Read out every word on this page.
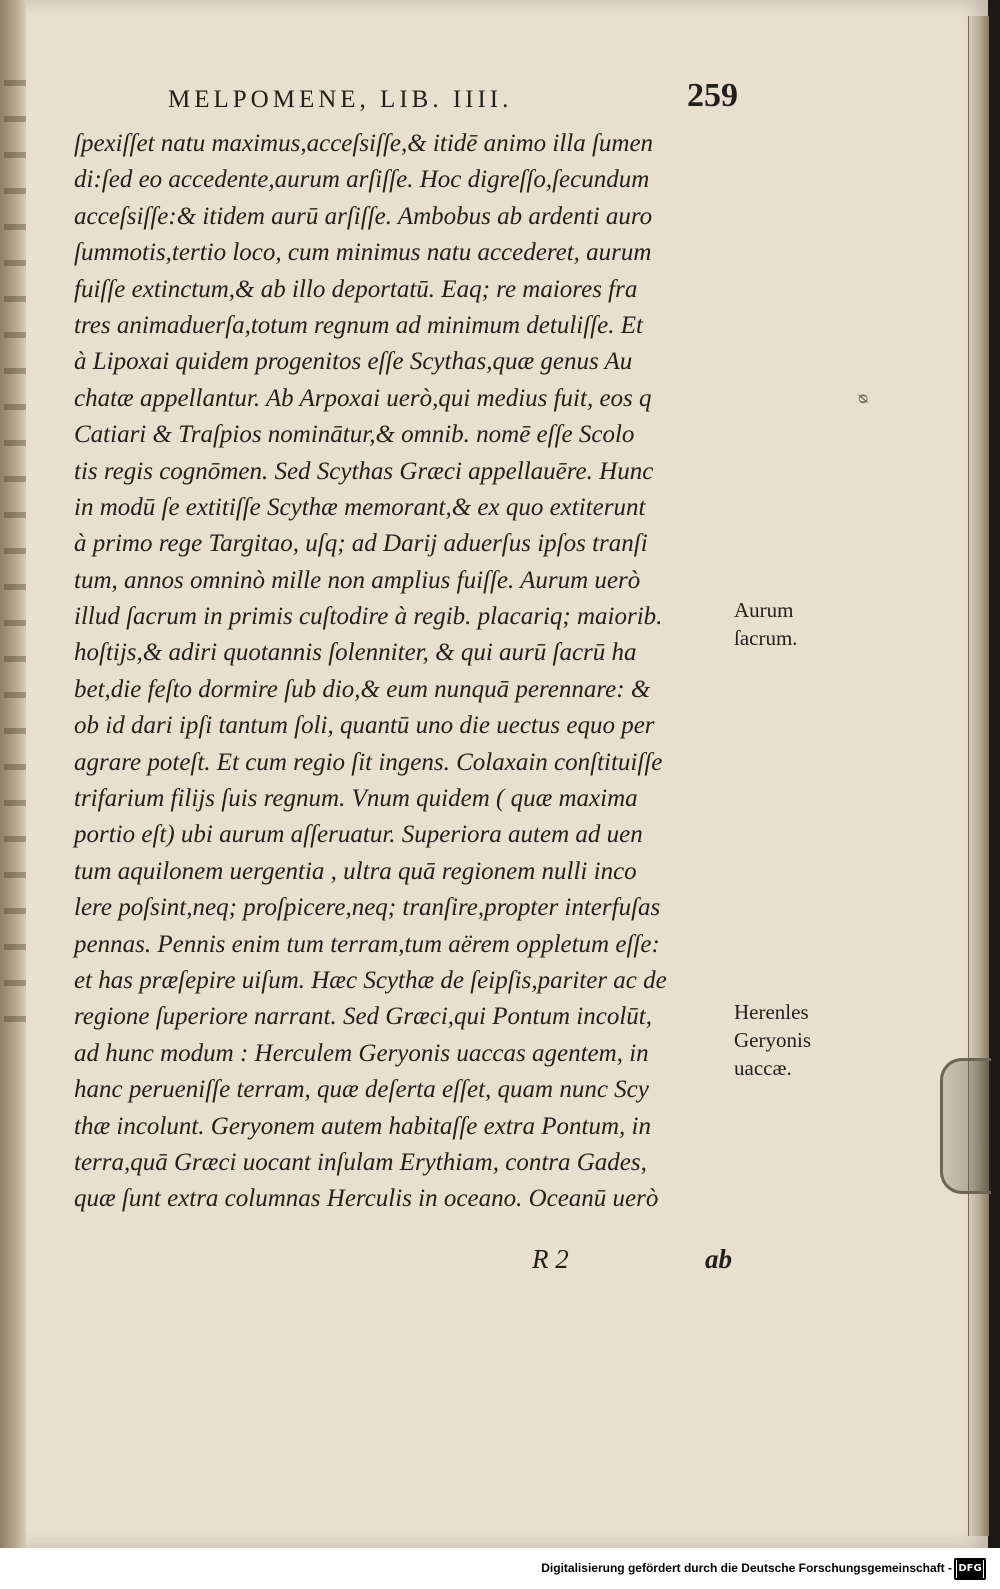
ᴓ
MELPOMENE, LIB. IIII.	259
ſpexiſſet natu maximus,acceſsiſſe,& itidē animo illa ſumen
di:ſed eo accedente,aurum arſiſſe. Hoc digreſſo,ſecundum
acceſsiſſe:& itidem aurū arſiſſe. Ambobus ab ardenti auro
ſummotis,tertio loco, cum minimus natu accederet, aurum
fuiſſe extinctum,& ab illo deportatū. Eaq; re maiores fra
tres animaduerſa,totum regnum ad minimum detuliſſe. Et
à Lipoxai quidem progenitos eſſe Scythas,quæ genus Au
chatæ appellantur. Ab Arpoxai uerò,qui medius fuit, eos q
Catiari & Traſpios nominātur,& omnib. nomē eſſe Scolo
tis regis cognōmen. Sed Scythas Græci appellauēre. Hunc
in modū ſe extitiſſe Scythæ memorant,& ex quo extiterunt
à primo rege Targitao, uſq; ad Darij aduerſus ipſos tranſi
tum, annos omninò mille non amplius fuiſſe. Aurum uerò
illud ſacrum in primis cuſtodire à regib. placariq; maiorib.
hoſtijs,& adiri quotannis ſolenniter, & qui aurū ſacrū ha
bet,die feſto dormire ſub dio,& eum nunquā perennare: &
ob id dari ipſi tantum ſoli, quantū uno die uectus equo per
agrare poteſt. Et cum regio ſit ingens. Colaxain conſtituiſſe
trifarium filijs ſuis regnum. Vnum quidem ( quæ maxima
portio eſt) ubi aurum aſſeruatur. Superiora autem ad uen
tum aquilonem uergentia , ultra quā regionem nulli inco
lere poſsint,neq; proſpicere,neq; tranſire,propter interfuſas
pennas. Pennis enim tum terram,tum aërem oppletum eſſe:
et has præſepire uiſum. Hæc Scythæ de ſeipſis,pariter ac de
regione ſuperiore narrant. Sed Græci,qui Pontum incolūt,
ad hunc modum : Herculem Geryonis uaccas agentem, in
hanc perueniſſe terram, quæ deſerta eſſet, quam nunc Scy
thæ incolunt. Geryonem autem habitaſſe extra Pontum, in
terra,quā Græci uocant inſulam Erythiam, contra Gades,
quæ ſunt extra columnas Herculis in oceano. Oceanū uerò
Aurum
ſacrum.
Herenles
Geryonis
uaccæ.
R 2	ab
Digitalisierung gefördert durch die Deutsche Forschungsgemeinschaft - DFG
